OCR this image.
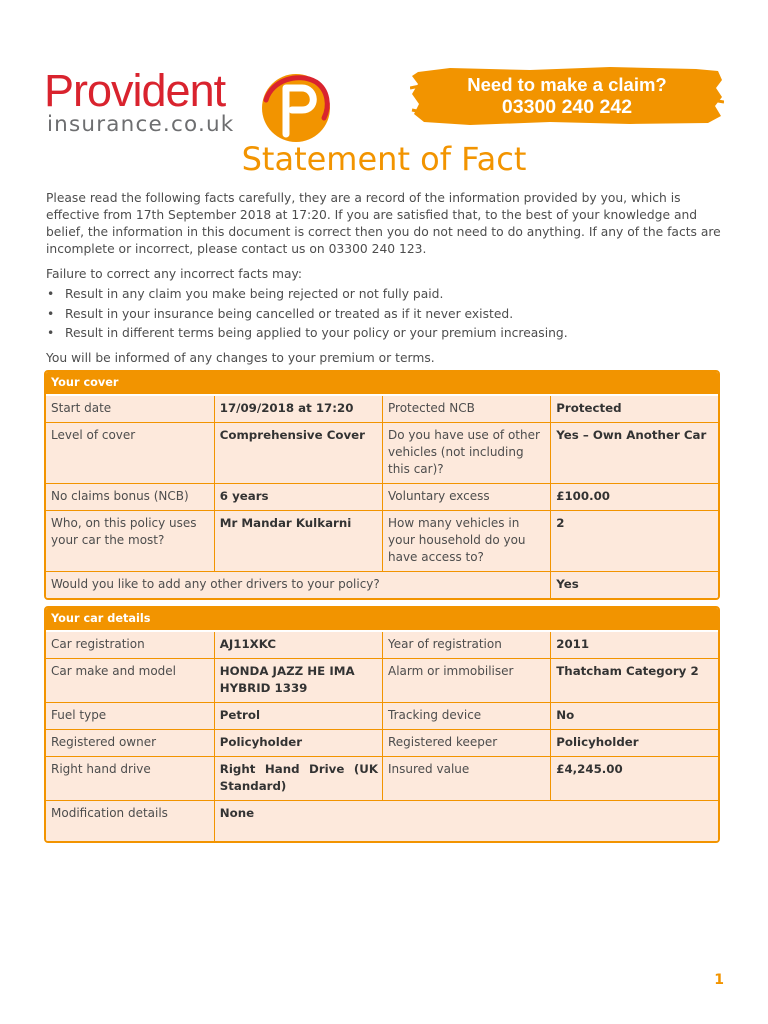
Provident
insurance.co.uk
Need to make a claim?
03300 240 242
Statement of Fact

Please read the following facts carefully, they are a record of the information provided by you, which is effective from 17th September 2018 at 17:20. If you are satisfied that, to the best of your knowledge and belief, the information in this document is correct then you do not need to do anything. If any of the facts are incomplete or incorrect, please contact us on 03300 240 123.

Failure to correct any incorrect facts may:

• Result in any claim you make being rejected or not fully paid.
• Result in your insurance being cancelled or treated as if it never existed.
• Result in different terms being applied to your policy or your premium increasing.

You will be informed of any changes to your premium or terms.

Your cover
Start date	17/09/2018 at 17:20	Protected NCB	Protected
Level of cover	Comprehensive Cover	Do you have use of other vehicles (not including this car)?	Yes – Own Another Car
No claims bonus (NCB)	6 years	Voluntary excess	£100.00
Who, on this policy uses your car the most?	Mr Mandar Kulkarni	How many vehicles in your household do you have access to?	2
Would you like to add any other drivers to your policy?			Yes
Your car details
Car registration	AJ11XKC	Year of registration	2011
Car make and model	HONDA JAZZ HE IMA HYBRID 1339	Alarm or immobiliser	Thatcham Category 2
Fuel type	Petrol	Tracking device	No
Registered owner	Policyholder	Registered keeper	Policyholder
Right hand drive	Right Hand Drive (UK Standard)	Insured value	£4,245.00
Modification details	None		
1
